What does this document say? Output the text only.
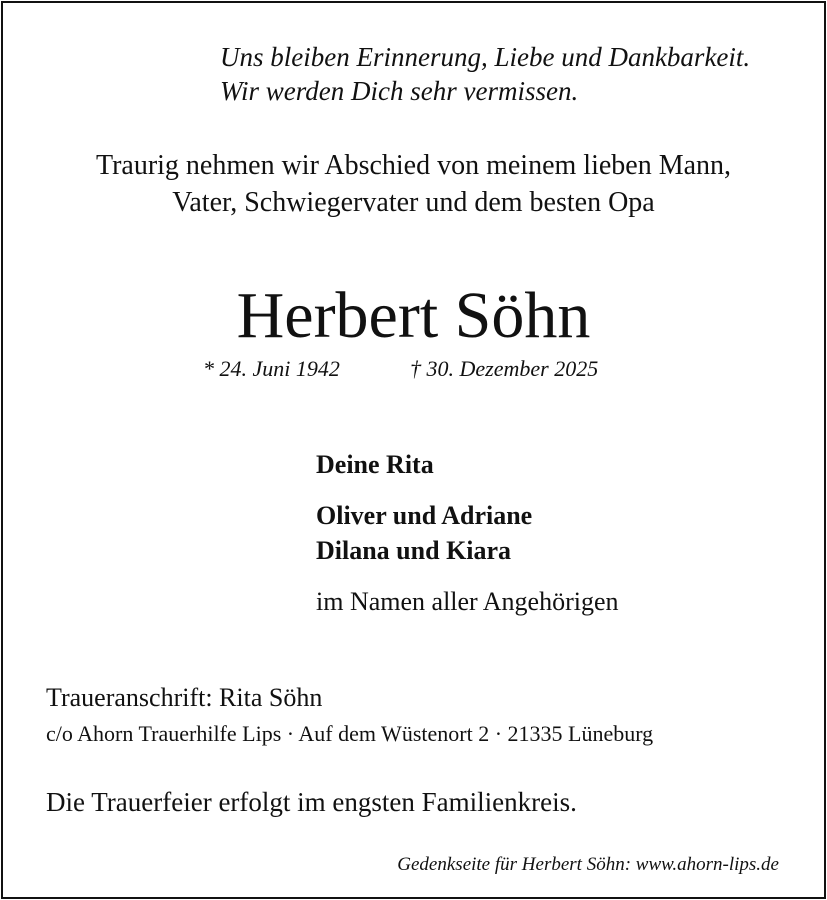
Uns bleiben Erinnerung, Liebe und Dankbarkeit.
Wir werden Dich sehr vermissen.
Traurig nehmen wir Abschied von meinem lieben Mann,
Vater, Schwiegervater und dem besten Opa
Herbert Söhn
* 24. Juni 1942	† 30. Dezember 2025
Deine Rita
Oliver und Adriane
Dilana und Kiara
im Namen aller Angehörigen
Traueranschrift: Rita Söhn
c/o Ahorn Trauerhilfe Lips · Auf dem Wüstenort 2 · 21335 Lüneburg
Die Trauerfeier erfolgt im engsten Familienkreis.
Gedenkseite für Herbert Söhn: www.ahorn-lips.de
